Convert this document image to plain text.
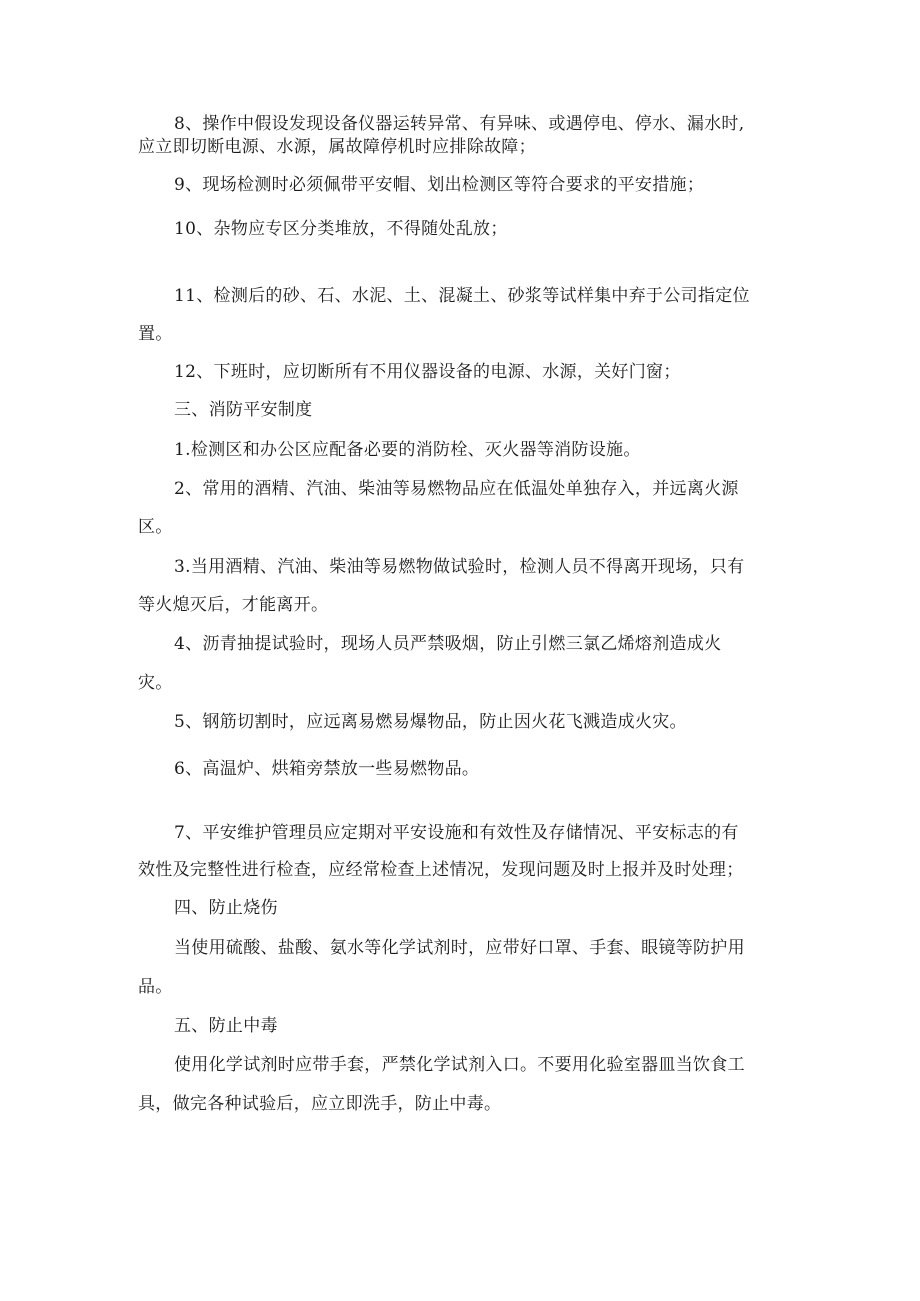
8、操作中假设发现设备仪器运转异常、有异味、或遇停电、停水、漏水时,
应立即切断电源、水源，属故障停机时应排除故障；
9、现场检测时必须佩带平安帽、划出检测区等符合要求的平安措施；
10、杂物应专区分类堆放，不得随处乱放；
11、检测后的砂、石、水泥、土、混凝土、砂浆等试样集中弃于公司指定位
置。
12、下班时，应切断所有不用仪器设备的电源、水源，关好门窗；
三、消防平安制度
1.检测区和办公区应配备必要的消防栓、灭火器等消防设施。
2、常用的酒精、汽油、柴油等易燃物品应在低温处单独存入，并远离火源
区。
3.当用酒精、汽油、柴油等易燃物做试验时，检测人员不得离开现场，只有
等火熄灭后，才能离开。
4、沥青抽提试验时，现场人员严禁吸烟，防止引燃三氯乙烯熔剂造成火
灾。
5、钢筋切割时，应远离易燃易爆物品，防止因火花飞溅造成火灾。
6、高温炉、烘箱旁禁放一些易燃物品。
7、平安维护管理员应定期对平安设施和有效性及存储情况、平安标志的有
效性及完整性进行检查，应经常检查上述情况，发现问题及时上报并及时处理；
四、防止烧伤
当使用硫酸、盐酸、氨水等化学试剂时，应带好口罩、手套、眼镜等防护用
品。
五、防止中毒
使用化学试剂时应带手套，严禁化学试剂入口。不要用化验室器皿当饮食工
具，做完各种试验后，应立即洗手，防止中毒。
